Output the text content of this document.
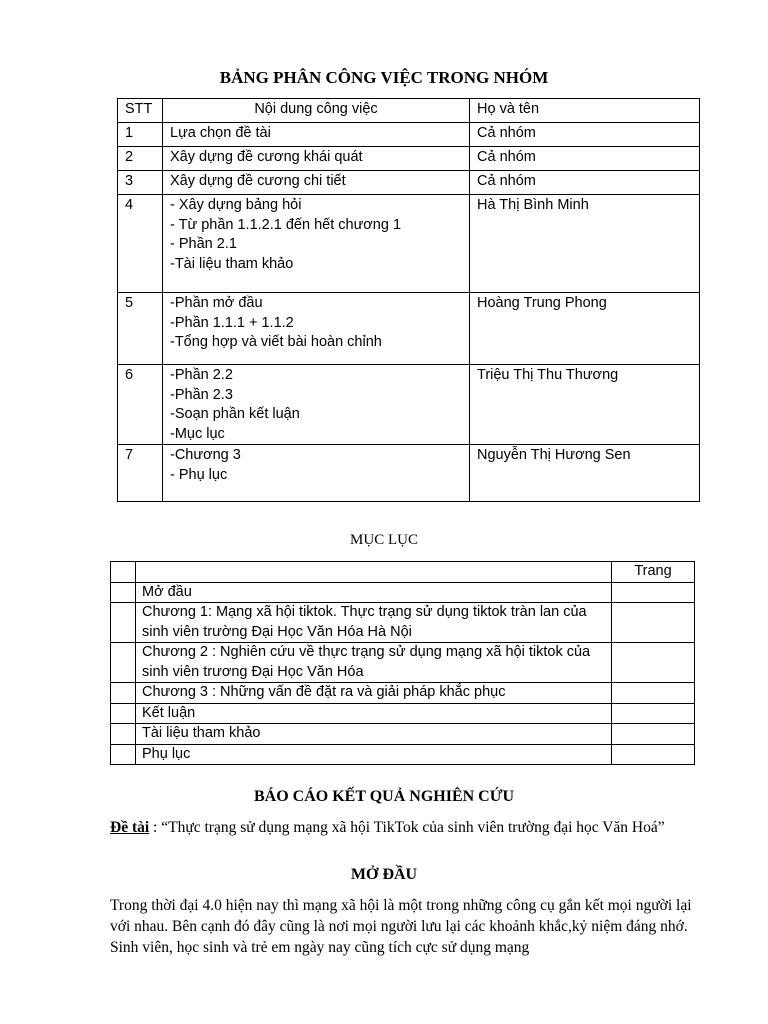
BẢNG PHÂN CÔNG VIỆC TRONG NHÓM
STT	Nội dung công việc	Họ và tên
1	Lựa chọn đề tài	Cả nhóm
2	Xây dựng đề cương khái quát	Cả nhóm
3	Xây dựng đề cương chi tiết	Cả nhóm
4	- Xây dựng bảng hỏi
- Từ phần 1.1.2.1 đến hết chương 1
- Phần 2.1
-Tài liệu tham khảo	Hà Thị Bình Minh
5	-Phần mở đầu
-Phần 1.1.1 + 1.1.2
-Tổng hợp và viết bài hoàn chỉnh	Hoàng Trung Phong
6	-Phần 2.2
-Phần 2.3
-Soạn phần kết luận
-Mục lục	Triệu Thị Thu Thương
7	-Chương 3
- Phụ lục	Nguyễn Thị Hương Sen
MỤC LỤC
		Trang
	Mở đầu	
	Chương 1: Mạng xã hội tiktok. Thực trạng sử dụng tiktok tràn lan của sinh viên trường Đại Học Văn Hóa Hà Nội	
	Chương 2 : Nghiên cứu về thực trạng sử dụng mạng xã hội tiktok của sinh viên trương Đại Học Văn Hóa	
	Chương 3 : Những vấn đề đặt ra và giải pháp khắc phục	
	Kết luận	
	Tài liệu tham khảo	
	Phụ lục	
BÁO CÁO KẾT QUẢ NGHIÊN CỨU
Đề tài : “Thực trạng sử dụng mạng xã hội TikTok của sinh viên trường đại học Văn Hoá”
MỞ ĐẦU
Trong thời đại 4.0 hiện nay thì mạng xã hội là một trong những công cụ gắn kết mọi người lại với nhau. Bên cạnh đó đây cũng là nơi mọi người lưu lại các khoảnh khắc,kỷ niệm đáng nhớ. Sinh viên, học sinh và trẻ em ngày nay cũng tích cực sử dụng mạng
